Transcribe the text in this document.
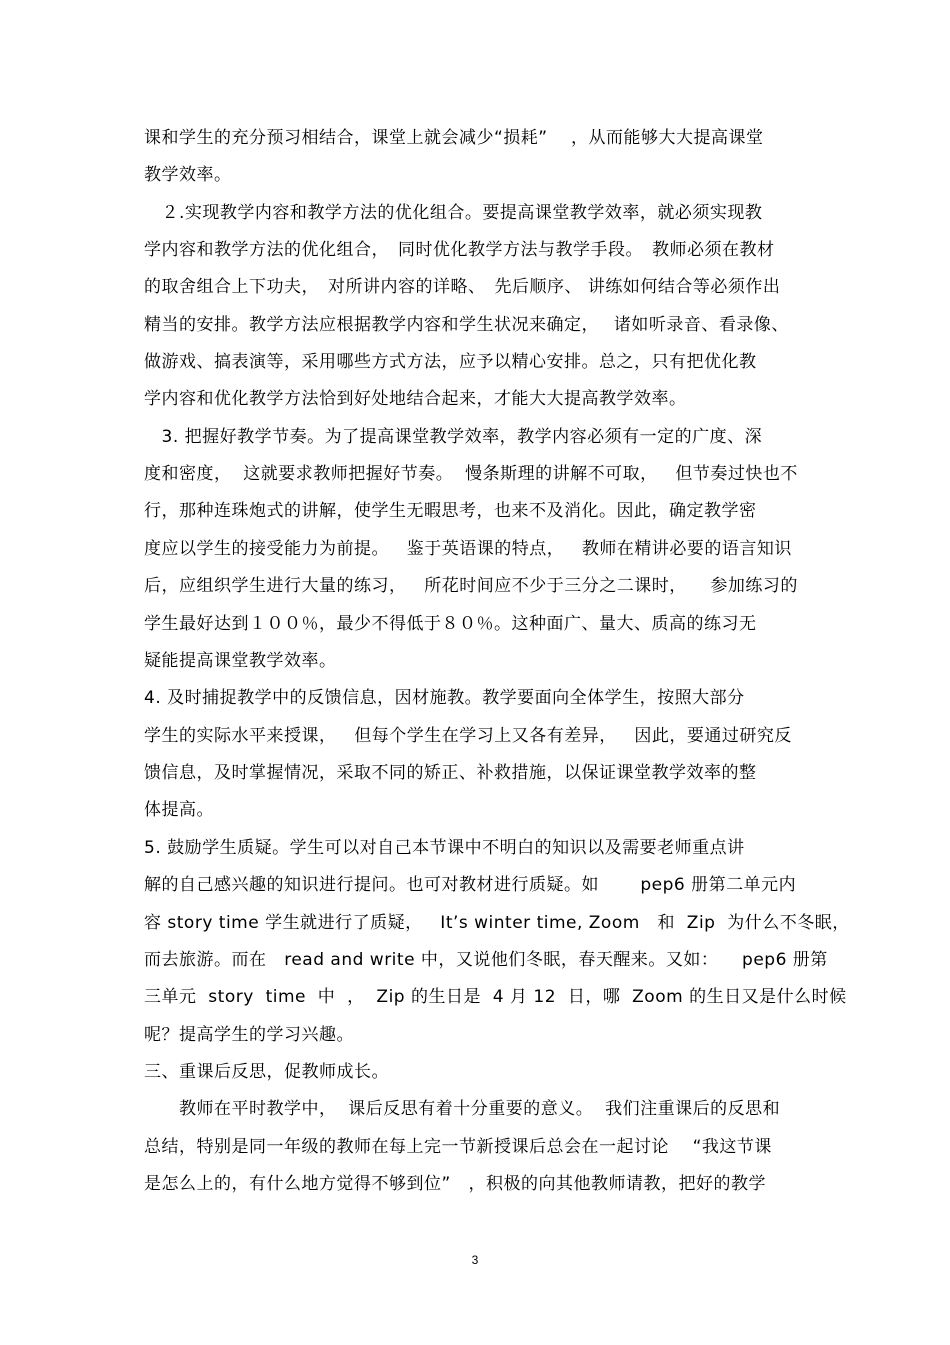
课和学生的充分预习相结合，课堂上就会减少“损耗”　 ，从而能够大大提高课堂
教学效率。
　２.实现教学内容和教学方法的优化组合。要提高课堂教学效率，就必须实现教
学内容和教学方法的优化组合，　同时优化教学方法与教学手段。　教师必须在教材
的取舍组合上下功夫，　对所讲内容的详略、　先后顺序、 讲练如何结合等必须作出
精当的安排。教学方法应根据教学内容和学生状况来确定，　 诸如听录音、看录像、
做游戏、搞表演等，采用哪些方式方法，应予以精心安排。总之，只有把优化教
学内容和优化教学方法恰到好处地结合起来，才能大大提高教学效率。
　3. 把握好教学节奏。为了提高课堂教学效率，教学内容必须有一定的广度、深
度和密度，  这就要求教师把握好节奏。  慢条斯理的讲解不可取，   但节奏过快也不
行，那种连珠炮式的讲解，使学生无暇思考，也来不及消化。因此，确定教学密
度应以学生的接受能力为前提。   鉴于英语课的特点，   教师在精讲必要的语言知识
后，应组织学生进行大量的练习，   所花时间应不少于三分之二课时，    参加练习的
学生最好达到１００％，最少不得低于８０％。这种面广、量大、质高的练习无
疑能提高课堂教学效率。
4. 及时捕捉教学中的反馈信息，因材施教。教学要面向全体学生，按照大部分
学生的实际水平来授课，   但每个学生在学习上又各有差异，   因此，要通过研究反
馈信息，及时掌握情况，采取不同的矫正、补救措施，以保证课堂教学效率的整
体提高。
5. 鼓励学生质疑。学生可以对自己本节课中不明白的知识以及需要老师重点讲
解的自己感兴趣的知识进行提问。也可对教材进行质疑。如       pep6 册第二单元内
容 story time 学生就进行了质疑，   It’s winter time, Zoom   和  Zip  为什么不冬眠，
而去旅游。而在   read and write 中，又说他们冬眠，春天醒来。又如：    pep6 册第
三单元  story  time  中  ，  Zip 的生日是  4 月 12  日，哪  Zoom 的生日又是什么时候
呢？提高学生的学习兴趣。
三、重课后反思，促教师成长。
　　教师在平时教学中，  课后反思有着十分重要的意义。  我们注重课后的反思和
总结，特别是同一年级的教师在每上完一节新授课后总会在一起讨论    “我这节课
是怎么上的，有什么地方觉得不够到位”   ，积极的向其他教师请教，把好的教学
3
